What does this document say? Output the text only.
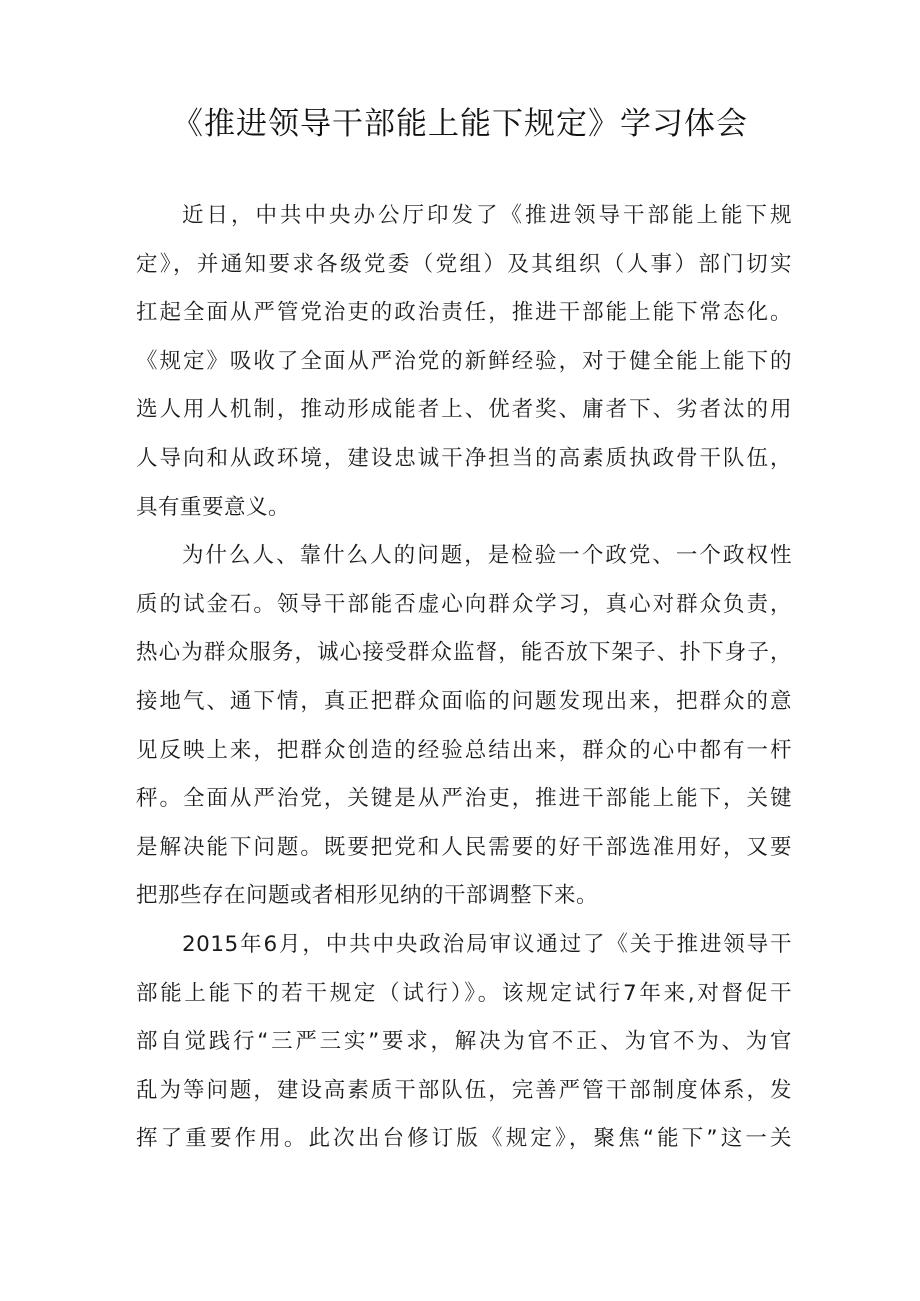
《推进领导干部能上能下规定》学习体会
近日，中共中央办公厅印发了《推进领导干部能上能下规
定》，并通知要求各级党委（党组）及其组织（人事）部门切实
扛起全面从严管党治吏的政治责任，推进干部能上能下常态化。
《规定》吸收了全面从严治党的新鲜经验，对于健全能上能下的
选人用人机制，推动形成能者上、优者奖、庸者下、劣者汰的用
人导向和从政环境，建设忠诚干净担当的高素质执政骨干队伍，
具有重要意义。
为什么人、靠什么人的问题，是检验一个政党、一个政权性
质的试金石。领导干部能否虚心向群众学习，真心对群众负责，
热心为群众服务，诚心接受群众监督，能否放下架子、扑下身子，
接地气、通下情，真正把群众面临的问题发现出来，把群众的意
见反映上来，把群众创造的经验总结出来，群众的心中都有一杆
秤。全面从严治党，关键是从严治吏，推进干部能上能下，关键
是解决能下问题。既要把党和人民需要的好干部选准用好，又要
把那些存在问题或者相形见纳的干部调整下来。
2015年6月，中共中央政治局审议通过了《关于推进领导干
部能上能下的若干规定（试行）》。该规定试行7年来,对督促干
部自觉践行“三严三实”要求，解决为官不正、为官不为、为官
乱为等问题，建设高素质干部队伍，完善严管干部制度体系，发
挥了重要作用。此次出台修订版《规定》，聚焦“能下”这一关
